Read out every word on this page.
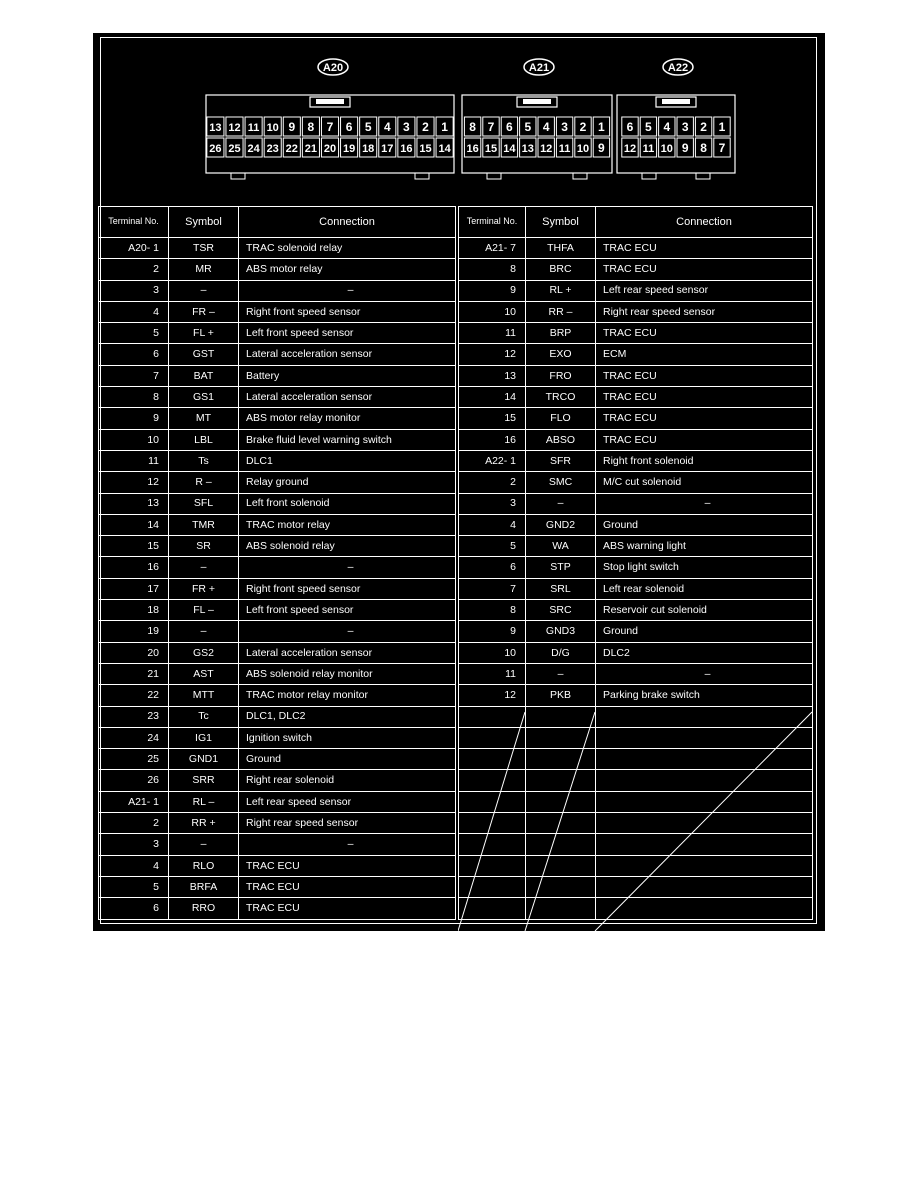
A20
13 12 11 10 9 8 7 6 5 4 3 2 1
26 25 24 23 22 21 20 19 18 17 16 15 14
A21
8 7 6 5 4 3 2 1
16 15 14 13 12 11 10 9
A22
6 5 4 3 2 1
12 11 10 9 8 7
Terminal No.	Symbol	Connection
A20- 1	TSR	TRAC solenoid relay
2	MR	ABS motor relay
3	–	–
4	FR –	Right front speed sensor
5	FL +	Left front speed sensor
6	GST	Lateral acceleration sensor
7	BAT	Battery
8	GS1	Lateral acceleration sensor
9	MT	ABS motor relay monitor
10	LBL	Brake fluid level warning switch
11	Ts	DLC1
12	R –	Relay ground
13	SFL	Left front solenoid
14	TMR	TRAC motor relay
15	SR	ABS solenoid relay
16	–	–
17	FR +	Right front speed sensor
18	FL –	Left front speed sensor
19	–	–
20	GS2	Lateral acceleration sensor
21	AST	ABS solenoid relay monitor
22	MTT	TRAC motor relay monitor
23	Tc	DLC1, DLC2
24	IG1	Ignition switch
25	GND1	Ground
26	SRR	Right rear solenoid
A21- 1	RL –	Left rear speed sensor
2	RR +	Right rear speed sensor
3	–	–
4	RLO	TRAC ECU
5	BRFA	TRAC ECU
6	RRO	TRAC ECU
Terminal No.	Symbol	Connection
A21- 7	THFA	TRAC ECU
8	BRC	TRAC ECU
9	RL +	Left rear speed sensor
10	RR –	Right rear speed sensor
11	BRP	TRAC ECU
12	EXO	ECM
13	FRO	TRAC ECU
14	TRCO	TRAC ECU
15	FLO	TRAC ECU
16	ABSO	TRAC ECU
A22- 1	SFR	Right front solenoid
2	SMC	M/C cut solenoid
3	–	–
4	GND2	Ground
5	WA	ABS warning light
6	STP	Stop light switch
7	SRL	Left rear solenoid
8	SRC	Reservoir cut solenoid
9	GND3	Ground
10	D/G	DLC2
11	–	–
12	PKB	Parking brake switch
